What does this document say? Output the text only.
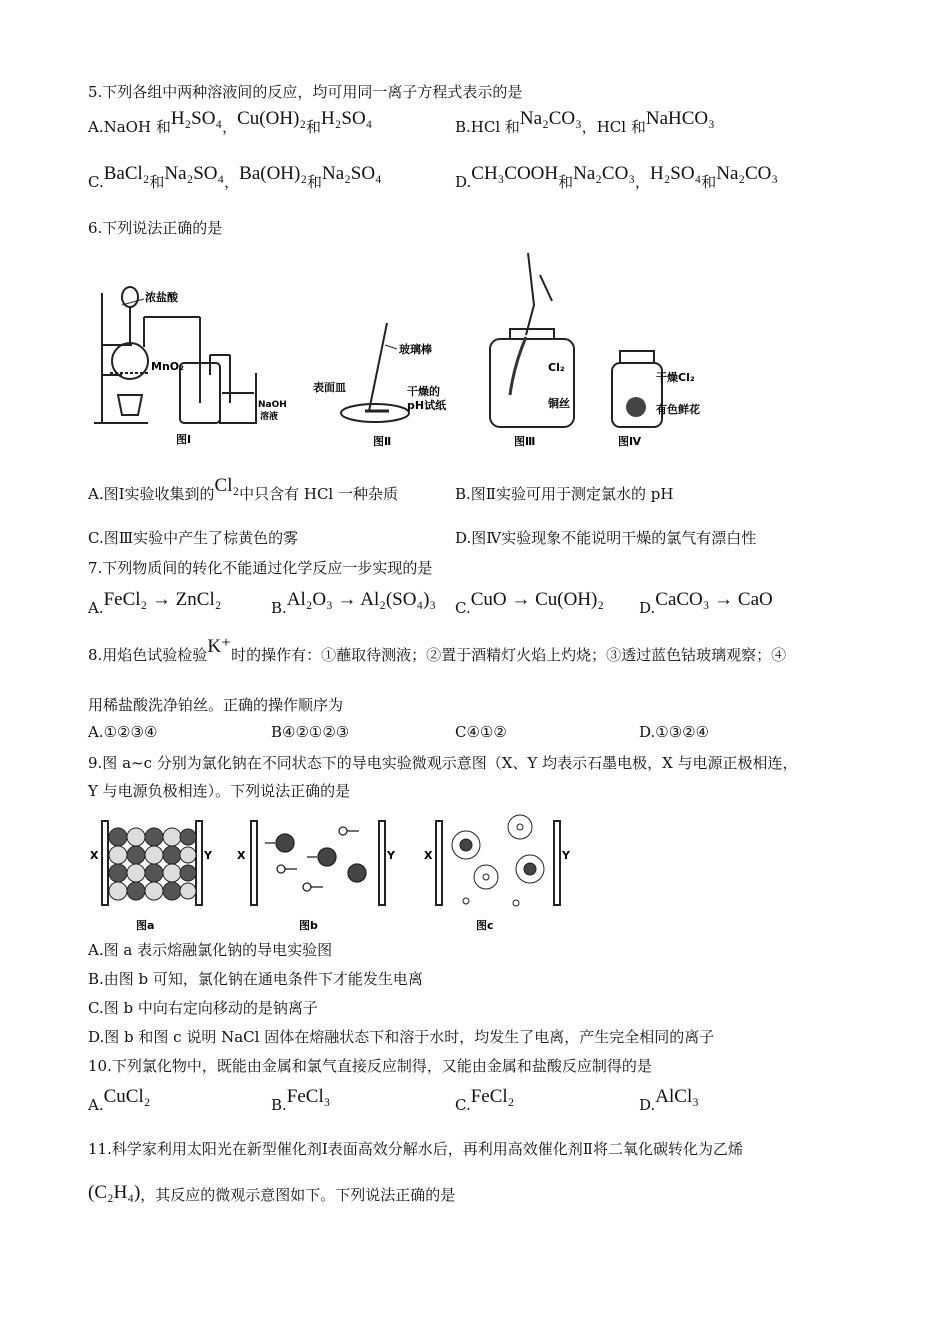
5.下列各组中两种溶液间的反应，均可用同一离子方程式表示的是
A.NaOH 和H₂SO₄，Cu(OH)₂和H₂SO₄	B.HCl 和Na₂CO₃，HCl 和NaHCO₃
C.BaCl₂和Na₂SO₄，Ba(OH)₂和Na₂SO₄	D.CH₃COOH和Na₂CO₃，H₂SO₄和Na₂CO₃
6.下列说法正确的是
浓盐酸
MnO₂
NaOH
溶液
图Ⅰ
玻璃棒
表面皿	干燥的
pH试纸
图Ⅱ
Cl₂
铜丝
图Ⅲ
干燥Cl₂
有色鲜花
图Ⅳ
A.图Ⅰ实验收集到的Cl₂中只含有 HCl 一种杂质	B.图Ⅱ实验可用于测定氯水的 pH
C.图Ⅲ实验中产生了棕黄色的雾	D.图Ⅳ实验现象不能说明干燥的氯气有漂白性
7.下列物质间的转化不能通过化学反应一步实现的是
A.FeCl₂ → ZnCl₂	B.Al₂O₃ → Al₂(SO₄)₃ C.CuO → Cu(OH)₂ D.CaCO₃ → CaO
8.用焰色试验检验K⁺时的操作有：①蘸取待测液；②置于酒精灯火焰上灼烧；③透过蓝色钴玻璃观察；④
用稀盐酸洗净铂丝。正确的操作顺序为
A.①②③④	B④②①②③	C④①②	D.①③②④
9.图 a~c 分别为氯化钠在不同状态下的导电实验微观示意图（X、Y 均表示石墨电极，X 与电源正极相连，
Y 与电源负极相连）。下列说法正确的是
X	Y
图a
X	Y
图b
X	Y
图c
A.图 a 表示熔融氯化钠的导电实验图
B.由图 b 可知，氯化钠在通电条件下才能发生电离
C.图 b 中向右定向移动的是钠离子
D.图 b 和图 c 说明 NaCl 固体在熔融状态下和溶于水时，均发生了电离，产生完全相同的离子
10.下列氯化物中，既能由金属和氯气直接反应制得，又能由金属和盐酸反应制得的是
A.CuCl₂	B.FeCl₃	C.FeCl₂	D.AlCl₃
11.科学家利用太阳光在新型催化剂Ⅰ表面高效分解水后，再利用高效催化剂Ⅱ将二氧化碳转化为乙烯
(C₂H₄)，其反应的微观示意图如下。下列说法正确的是
